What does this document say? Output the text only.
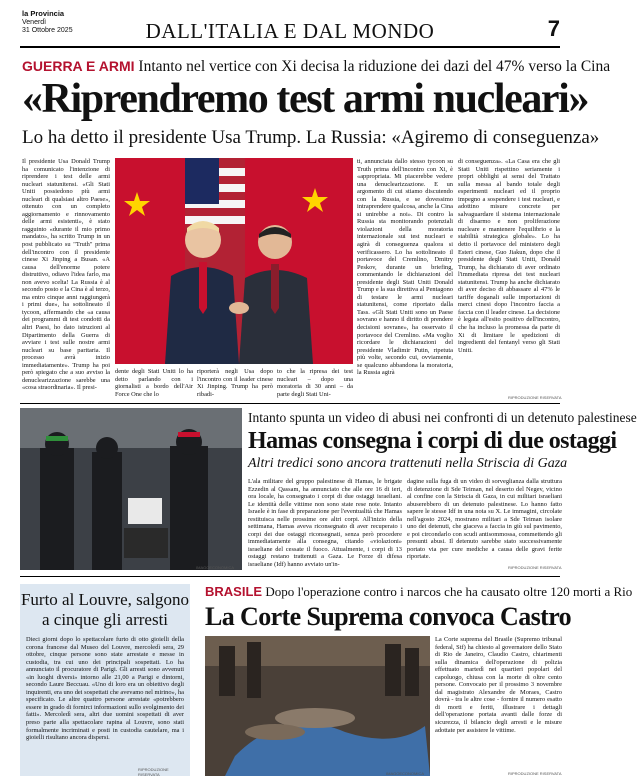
la Provincia
Venerdì
31 Ottobre 2025	DALL'ITALIA E DAL MONDO	7
GUERRA E ARMI Intanto nel vertice con Xi decisa la riduzione dei dazi del 47% verso la Cina
«Riprendremo test armi nucleari»
Lo ha detto il presidente Usa Trump. La Russia: «Agiremo di conseguenza»
Il presidente Usa Donald Trump ha comunicato l'intenzione di riprendere i test delle armi nucleari statunitensi. «Gli Stati Uniti possiedono più armi nucleari di qualsiasi altro Paese», ottenuto con un completo aggiornamento e rinnovamento delle armi esistenti», è stato ragguinto «durante il mio primo mandato», ha scritto Trump in un post pubblicato su "Truth" prima dell'incontro con il presidente cinese Xi Jinping a Busan. «A causa dell'enorme potere distruttivo, odiavo l'idea farlo, ma non avevo scelta! La Russia è al secondo posto e la Cina è al terzo, ma entro cinque anni raggiungerà i primi due», ha sottolineato il tycoon, affermando che «a causa dei programmi di test condotti da altri Paesi, ho dato istruzioni al Dipartimento della Guerra di avviare i test sulle nostre armi nucleari su base paritaria. Il processo avrà inizio immediatamente». Trump ha poi però spiegato che a suo avviso la denuclearizzazione sarebbe una «cosa straordinaria». Il presi-
dente degli Stati Uniti lo ha detto parlando con i giornalisti a bordo dell'Air Force One che lo
riporterà negli Usa dopo l'incontro con il leader cinese Xi Jinping. Trump ha però ribadi-
to che la ripresa dei test nucleari – dopo una moratoria di 30 anni – da parte degli Stati Uni-
ti, annunciata dallo stesso tycoon su Truth prima dell'incontro con Xi, è «appropriata. Mi piacerebbe vedere una denuclearizzazione. E un argomento di cui stiamo discutendo con la Russia, e se dovessimo intraprendere qualcosa, anche la Cina si unirebbe a noi». Di contro la Russia sta monitorando potenziali violazioni della moratoria internazionale sui test nucleari e agirà di conseguenza qualora si verificassero. Lo ha sottolineato il portavoce del Cremlino, Dmitry Peskov, durante un briefing, commentando le dichiarazioni del presidente degli Stati Uniti Donald Trump e la sua direttiva al Pentagono di testare le armi nucleari statunitensi, come riportato dalla Tass. «Gli Stati Uniti sono un Paese sovrano e hanno il diritto di prendere decisioni sovrane», ha osservato il portavoce del Cremlino. «Ma voglio ricordare le dichiarazioni del presidente Vladimir Putin, ripetuta più volte, secondo cui, ovviamente, se qualcuno abbandona la moratoria, la Russia agirà
di conseguenza». «La Casa era che gli Stati Uniti rispettino seriamente i propri obblighi ai sensi del Trattato sulla messa al bando totale degli esperimenti nucleari ed il proprio impegno a sospendere i test nucleari, e adottino misure concrete per salvaguardare il sistema internazionale di disarmo e non proliferazione nucleare e mantenere l'equilibrio e la stabilità strategica globale». Lo ha detto il portavoce del ministero degli Esteri cinese, Guo Jiakun, dopo che il presidente degli Stati Uniti, Donald Trump, ha dichiarato di aver ordinato l'immediata ripresa dei test nucleari statunitensi. Trump ha anche dichiarato di aver deciso di abbassare al 47% le tariffe doganali sulle importazioni di merci cinesi dopo l'incontro faccia a faccia con il leader cinese. La decisione è legata all'esito positivo dell'incontro, che ha incluso la promessa da parte di Xi di limitare le spedizioni di ingredienti del fentanyl verso gli Stati Uniti.
RIPRODUZIONE RISERVATA
IMAGOECONOMICA
Intanto spunta un video di abusi nei confronti di un detenuto palestinese
Hamas consegna i corpi di due ostaggi
Altri tredici sono ancora trattenuti nella Striscia di Gaza
L'ala militare del gruppo palestinese di Hamas, le brigate Ezzedin al Qassam, ha annunciato che alle ore 16 di ieri, ora locale, ha consegnato i corpi di due ostaggi israeliani. Le identità delle vittime non sono state rese note. Intanto Israele è in fase di preparazione per l'eventualità che Hamas restituisca nelle prossime ore altri corpi. All'inizio della settimana, Hamas aveva riconsegnato di aver recuperato i corpi dei due ostaggi riconsegnati, senza però procedere immediatamente alla consegna, citando «violazioni» israeliane del cessate il fuoco. Attualmente, i corpi di 13 ostaggi restano trattenuti a Gaza. Le Forze di difesa israeliane (Idf) hanno avviato un'in-
dagine sulla fuga di un video di sorveglianza dalla struttura di detenzione di Sde Teiman, nel deserto del Negev, vicino al confine con la Striscia di Gaza, in cui militari israeliani abuserebbero di un detenuto palestinese. Lo hanno fatto sapere le stesse Idf in una nota su X. Le immagini, circolate nell'agosto 2024, mostrano militari a Sde Teiman isolare uno dei detenuti, che giaceva a faccia in giù sul pavimento, e poi circondarlo con scudi antisommossa, commettendo gli presunti abusi. Il detenuto sarebbe stato successivamente portato via per cure mediche a causa delle gravi ferite riportate.
RIPRODUZIONE RISERVATA
Furto al Louvre, salgono a cinque gli arresti
Dieci giorni dopo lo spettacolare furto di otto gioielli della corona francese dal Museo del Louvre, mercoledì sera, 29 ottobre, cinque persone sono state arrestate e messe in custodia, tra cui uno dei principali sospettati. Lo ha annunciato il procuratore di Parigi. Gli arresti sono avvenuti «in luoghi diversi» intorno alle 21,00 a Parigi e dintorni, secondo Laure Beccuau. «Uno di loro era un obiettivo degli inquirenti, era uno dei sospettati che avevamo nel mirino», ha specificato. Le altre quattro persone arrestate «potrebbero essere in grado di fornirci informazioni sullo svolgimento dei fatti». Mercoledì sera, altri due uomini sospettati di aver preso parte alla spettacolare rapina al Louvre, sono stati formalmente incriminati e posti in custodia cautelare, ma i gioielli risultano ancora dispersi.
RIPRODUZIONE RISERVATA
BRASILE Dopo l'operazione contro i narcos che ha causato oltre 120 morti a Rio
La Corte Suprema convoca Castro
IMAGOECONOMICA
La Corte suprema del Brasile (Supremo tribunal federal, Stf) ha chiesto al governatore dello Stato di Rio de Janeiro, Claudio Castro, chiarimenti sulla dinamica dell'operazione di polizia effettuato martedì nei quartieri popolari del capoluogo, chiusa con la morte di oltre cento persone. Convocato per il prossimo 3 novembre dal magistrato Alexandre de Moraes, Castro dovrà - tra le altre cose - fornire il numero esatto di morti e feriti, illustrare i dettagli dell'operazione portata avanti dalle forze di sicurezza, il bilancio degli arresti e le misure adottate per assistere le vittime.
RIPRODUZIONE RISERVATA
